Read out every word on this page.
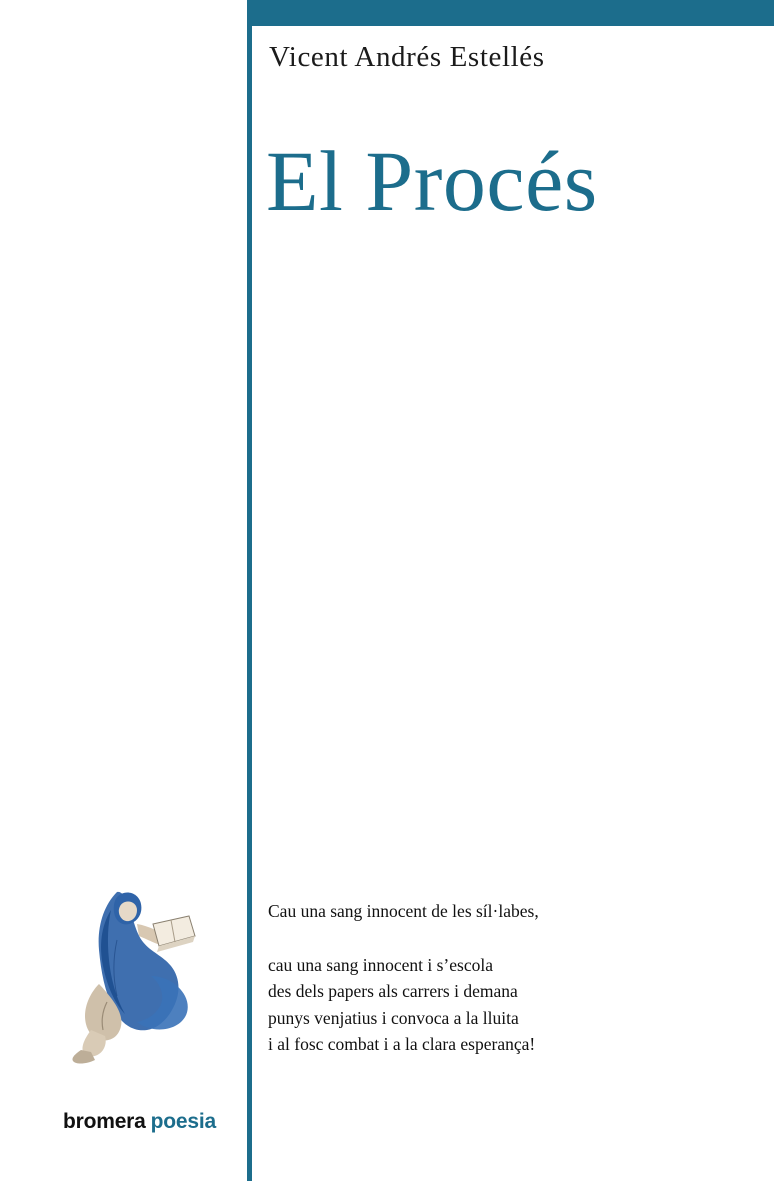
Vicent Andrés Estellés
El Procés
Cau una sang innocent de les síl·labes,
cau una sang innocent i s’escola
des dels papers als carrers i demana
punys venjatius i convoca a la lluita
i al fosc combat i a la clara esperança!
bromera poesia
